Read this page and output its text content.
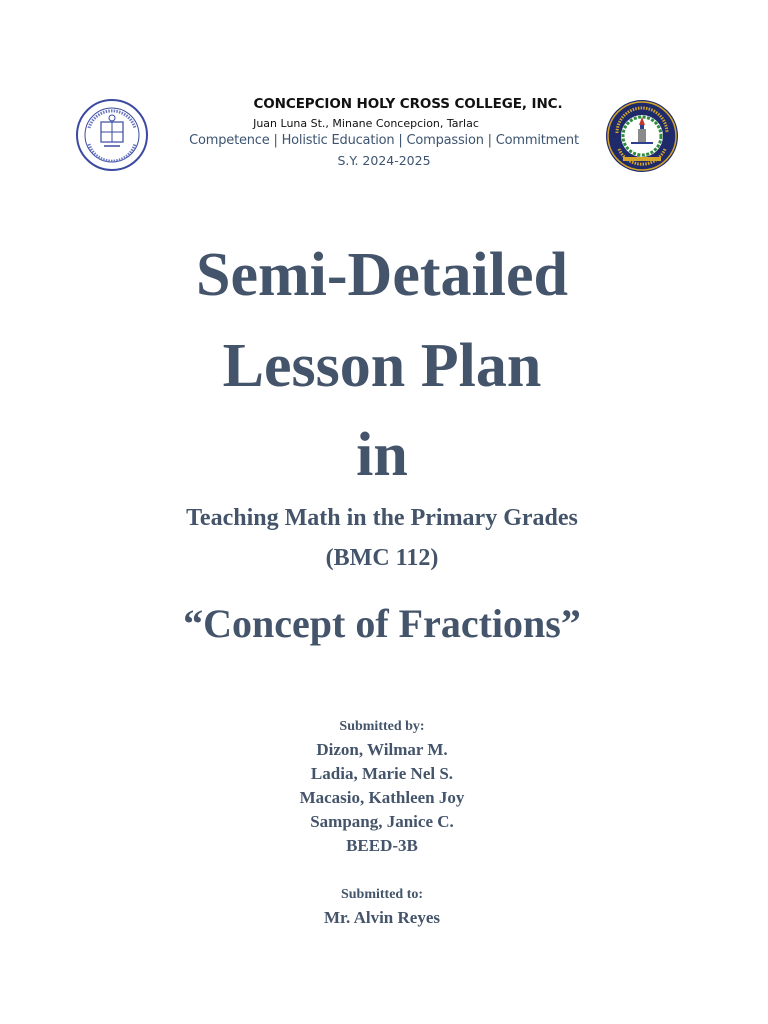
CONCEPCION HOLY CROSS COLLEGE, INC.
Juan Luna St., Minane Concepcion, Tarlac
Competence | Holistic Education | Compassion | Commitment
S.Y. 2024-2025
Semi-Detailed
Lesson Plan
in
Teaching Math in the Primary Grades
(BMC 112)
“Concept of Fractions”
Submitted by:
Dizon, Wilmar M.
Ladia, Marie Nel S.
Macasio, Kathleen Joy
Sampang, Janice C.
BEED-3B
Submitted to:
Mr. Alvin Reyes
